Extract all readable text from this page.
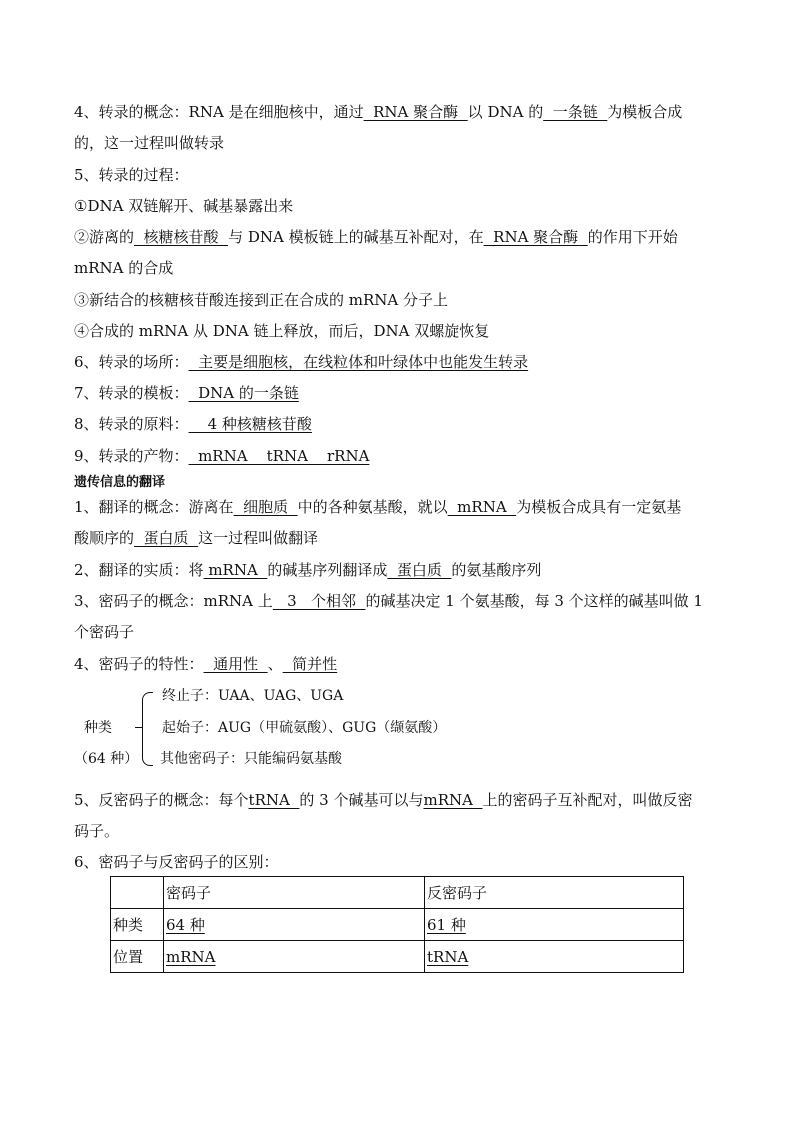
4、转录的概念：RNA 是在细胞核中，通过  RNA 聚合酶  以 DNA 的  一条链  为模板合成
的，这一过程叫做转录
5、转录的过程：
①DNA 双链解开、碱基暴露出来
②游离的  核糖核苷酸  与 DNA 模板链上的碱基互补配对，在  RNA 聚合酶  的作用下开始
mRNA 的合成
③新结合的核糖核苷酸连接到正在合成的 mRNA 分子上
④合成的 mRNA 从 DNA 链上释放，而后，DNA 双螺旋恢复
6、转录的场所：  主要是细胞核，在线粒体和叶绿体中也能发生转录
7、转录的模板：  DNA 的一条链
8、转录的原料：    4 种核糖核苷酸
9、转录的产物：  mRNA    tRNA    rRNA
遗传信息的翻译
1、翻译的概念：游离在  细胞质  中的各种氨基酸，就以  mRNA  为模板合成具有一定氨基
酸顺序的  蛋白质  这一过程叫做翻译
2、翻译的实质：将 mRNA  的碱基序列翻译成  蛋白质  的氨基酸序列
3、密码子的概念：mRNA 上   3   个相邻  的碱基决定 1 个氨基酸，每 3 个这样的碱基叫做 1
个密码子
4、密码子的特性：  通用性  、  简并性
种类
（64 种）
终止子：UAA、UAG、UGA
起始子：AUG（甲硫氨酸）、GUG（缬氨酸）
其他密码子：只能编码氨基酸
5、反密码子的概念：每个tRNA  的 3 个碱基可以与mRNA  上的密码子互补配对，叫做反密
码子。
6、密码子与反密码子的区别：
	密码子	反密码子
种类	64 种	61 种
位置	mRNA	tRNA
